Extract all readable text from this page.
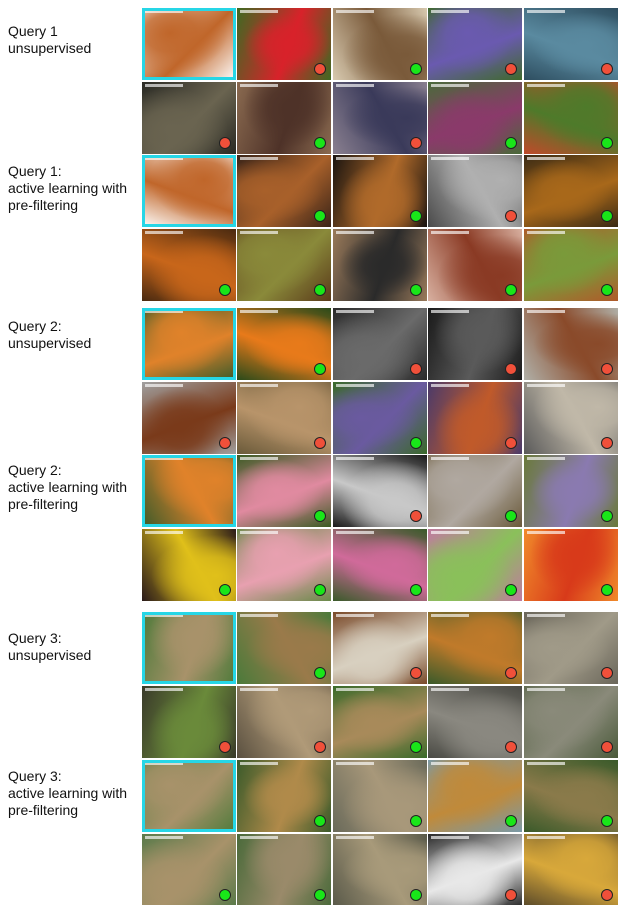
Query 1
unsupervised
Query 1:
active learning with
pre-filtering
Query 2:
unsupervised
Query 2:
active learning with
pre-filtering
Query 3:
unsupervised
Query 3:
active learning with
pre-filtering
